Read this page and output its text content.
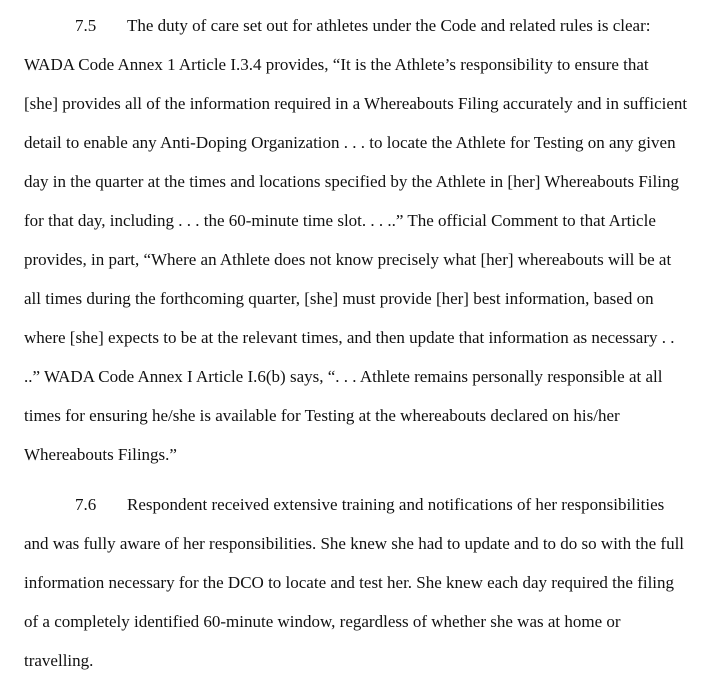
7.5 The duty of care set out for athletes under the Code and related rules is clear:
WADA Code Annex 1 Article I.3.4 provides, “It is the Athlete’s responsibility to ensure that
[she] provides all of the information required in a Whereabouts Filing accurately and in sufficient
detail to enable any Anti-Doping Organization . . . to locate the Athlete for Testing on any given
day in the quarter at the times and locations specified by the Athlete in [her] Whereabouts Filing
for that day, including . . . the 60-minute time slot. . . ..” The official Comment to that Article
provides, in part, “Where an Athlete does not know precisely what [her] whereabouts will be at
all times during the forthcoming quarter, [she] must provide [her] best information, based on
where [she] expects to be at the relevant times, and then update that information as necessary . .
..” WADA Code Annex I Article I.6(b) says, “. . . Athlete remains personally responsible at all
times for ensuring he/she is available for Testing at the whereabouts declared on his/her
Whereabouts Filings.”
7.6 Respondent received extensive training and notifications of her responsibilities
and was fully aware of her responsibilities. She knew she had to update and to do so with the full
information necessary for the DCO to locate and test her. She knew each day required the filing
of a completely identified 60-minute window, regardless of whether she was at home or
travelling.
